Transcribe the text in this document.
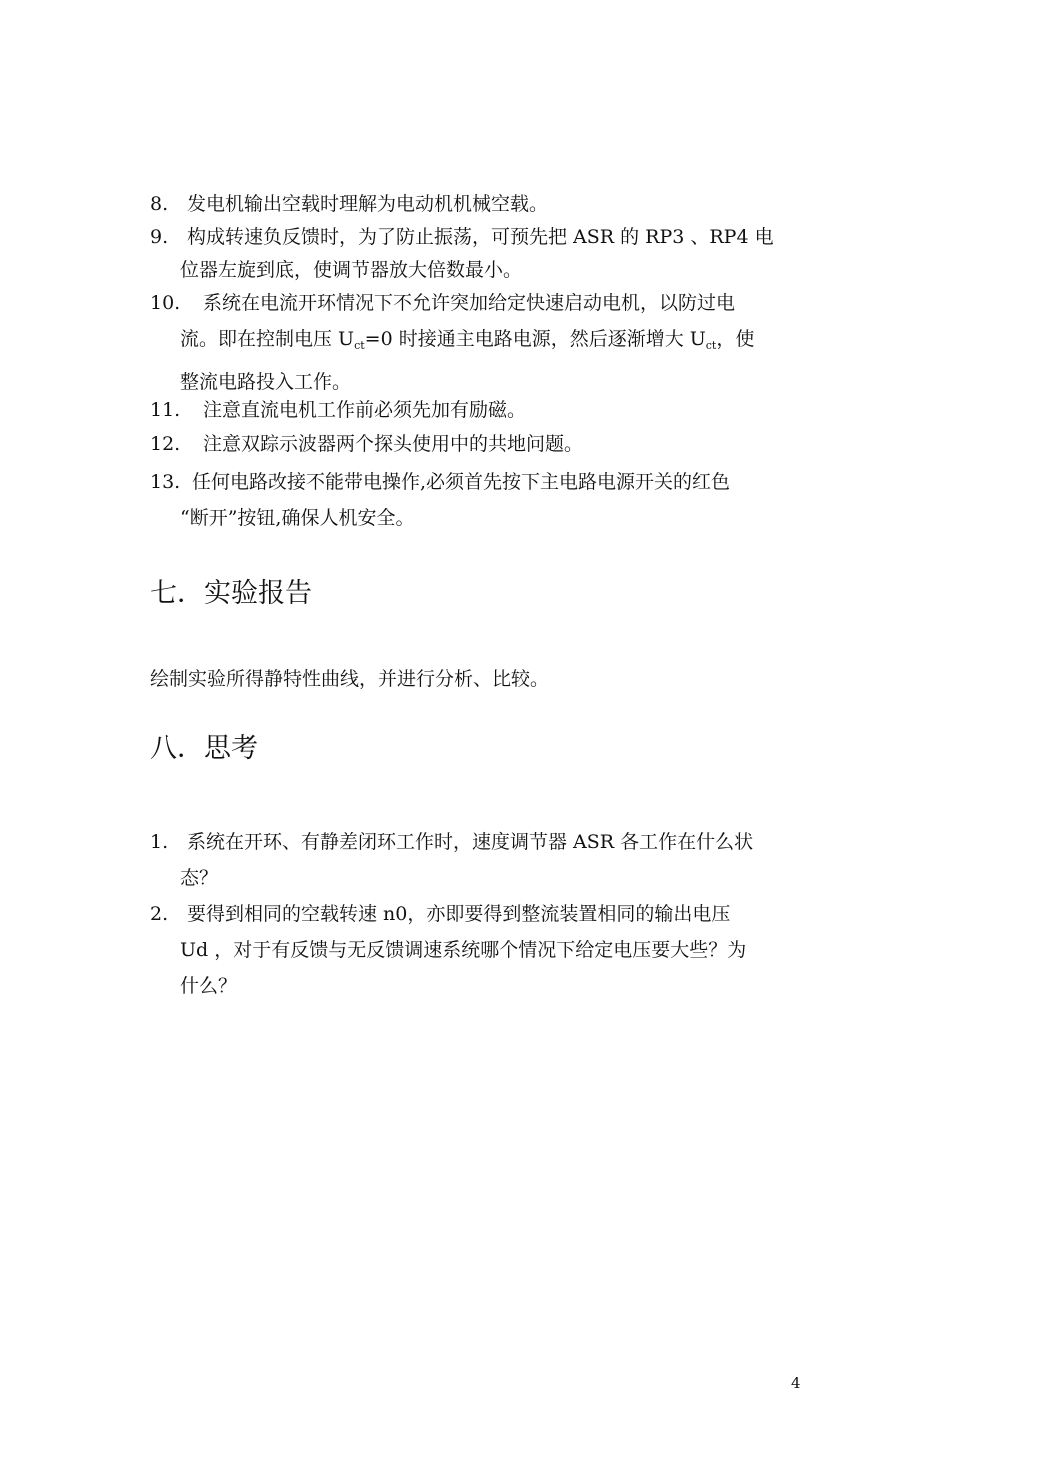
8. 发电机输出空载时理解为电动机机械空载。
9. 构成转速负反馈时，为了防止振荡，可预先把 ASR 的 RP3 、RP4 电
位器左旋到底，使调节器放大倍数最小。
10.	系统在电流开环情况下不允许突加给定快速启动电机，以防过电
流。即在控制电压 $U_{ct}=0$ 时接通主电路电源，然后逐渐增大 $U_{ct}$，使
整流电路投入工作。
11.	注意直流电机工作前必须先加有励磁。
12.	注意双踪示波器两个探头使用中的共地问题。
13. 任何电路改接不能带电操作,必须首先按下主电路电源开关的红色
“断开”按钮,确保人机安全。
七．实验报告
绘制实验所得静特性曲线，并进行分析、比较。
八．思考
1. 系统在开环、有静差闭环工作时，速度调节器 ASR 各工作在什么状
态？
2. 要得到相同的空载转速 n0，亦即要得到整流装置相同的输出电压
Ud ，对于有反馈与无反馈调速系统哪个情况下给定电压要大些？为
什么？
4
